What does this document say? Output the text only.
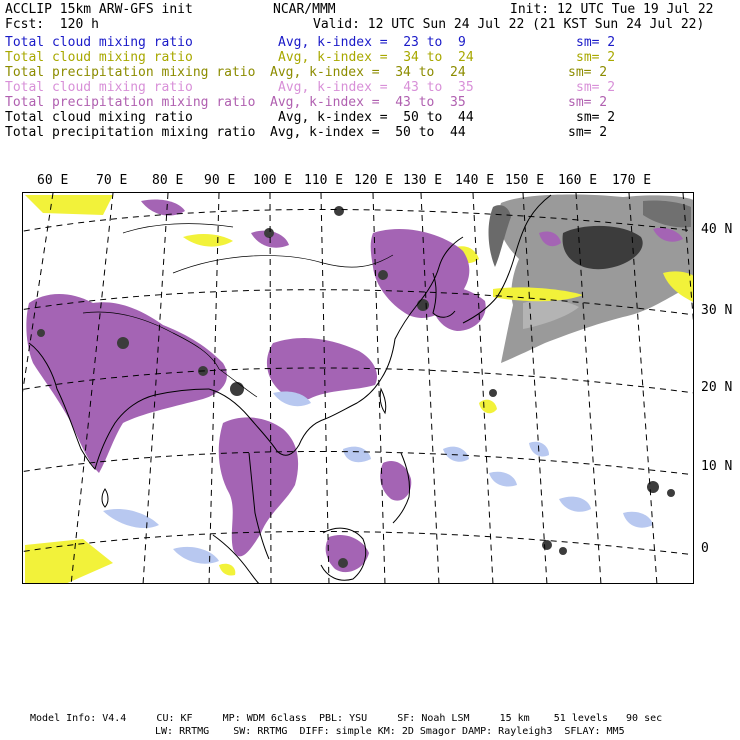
ACCLIP 15km ARW-GFS init	NCAR/MMM	Init: 12 UTC Tue 19 Jul 22
Fcst:  120 h	Valid: 12 UTC Sun 24 Jul 22 (21 KST Sun 24 Jul 22)
Total cloud mixing ratio	Avg, k-index =  23 to  9	sm= 2
Total cloud mixing ratio	Avg, k-index =  34 to  24	sm= 2
Total precipitation mixing ratio Avg, k-index =  34 to  24	sm= 2
Total cloud mixing ratio	Avg, k-index =  43 to  35	sm= 2
Total precipitation mixing ratio Avg, k-index =  43 to  35	sm= 2
Total cloud mixing ratio	Avg, k-index =  50 to  44	sm= 2
Total precipitation mixing ratio Avg, k-index =  50 to  44	sm= 2
60 E 70 E 80 E 90 E 100 E 110 E 120 E 130 E 140 E 150 E 160 E 170 E
40 N
30 N
20 N
10 N
0
Model Info: V4.4     CU: KF     MP: WDM 6class  PBL: YSU     SF: Noah LSM     15 km    51 levels   90 sec
LW: RRTMG    SW: RRTMG  DIFF: simple KM: 2D Smagor DAMP: Rayleigh3  SFLAY: MM5
